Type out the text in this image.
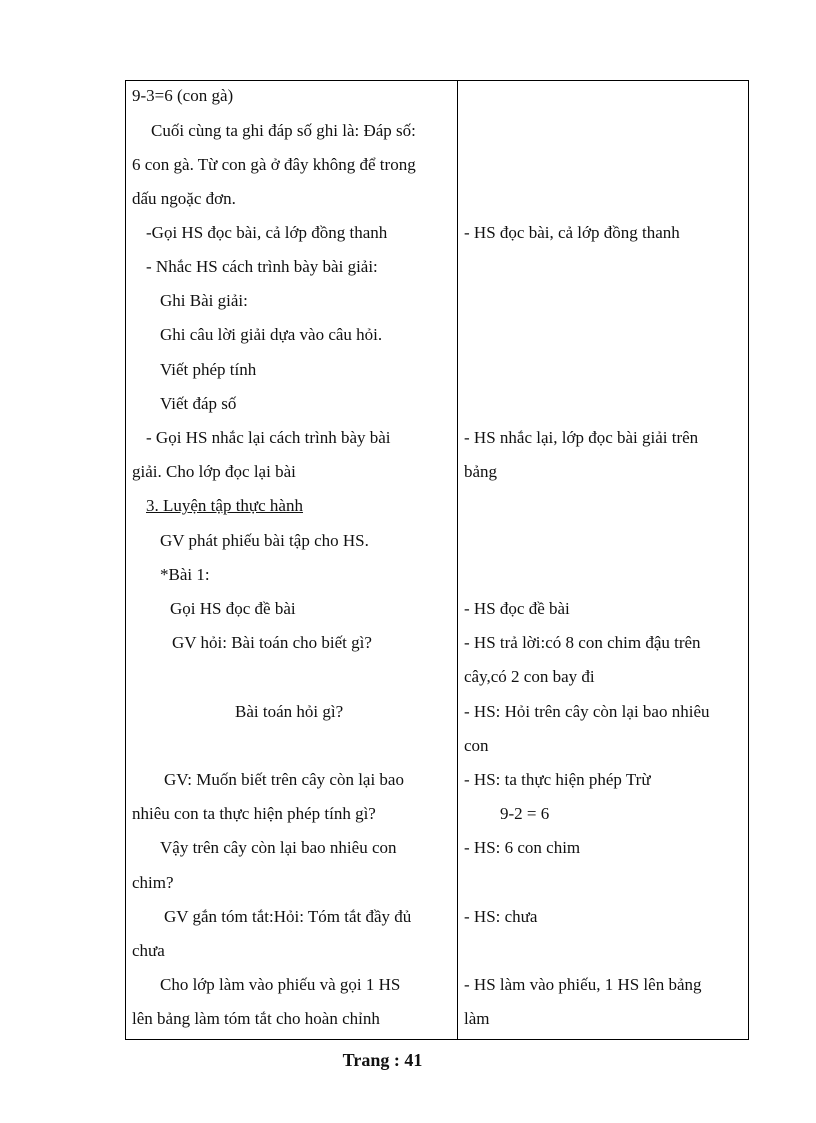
9-3=6 (con gà)
Cuối cùng ta ghi đáp số ghi là: Đáp số:
6 con gà. Từ con gà ở đây không để trong
dấu ngoặc đơn.
-Gọi HS đọc bài, cả lớp đồng thanh
- Nhắc HS cách trình bày bài giải:
Ghi Bài giải:
Ghi câu lời giải dựa vào câu hỏi.
Viết phép tính
Viết đáp số
- Gọi HS nhắc lại cách trình bày bài
giải. Cho lớp đọc lại bài
3. Luyện tập thực hành
GV phát phiếu bài tập cho HS.
*Bài 1:
Gọi HS đọc đề bài
GV hỏi: Bài toán cho biết gì?
Bài toán hỏi gì?
GV: Muốn biết trên cây còn lại bao
nhiêu con ta thực hiện phép tính gì?
Vậy trên cây còn lại bao nhiêu con
chim?
GV gắn tóm tắt:Hỏi: Tóm tắt đầy đủ
chưa
Cho lớp làm vào phiếu và gọi 1 HS
lên bảng làm tóm tắt cho hoàn chỉnh
- HS đọc bài, cả lớp đồng thanh
- HS nhắc lại, lớp đọc bài giải trên
bảng
- HS đọc đề bài
- HS trả lời:có 8 con chim đậu trên
cây,có 2 con bay đi
- HS: Hỏi trên cây còn lại bao nhiêu
con
- HS: ta thực hiện phép Trừ
9-2 = 6
- HS: 6 con chim
- HS: chưa
- HS làm vào phiếu, 1 HS lên bảng
làm
Trang : 41
